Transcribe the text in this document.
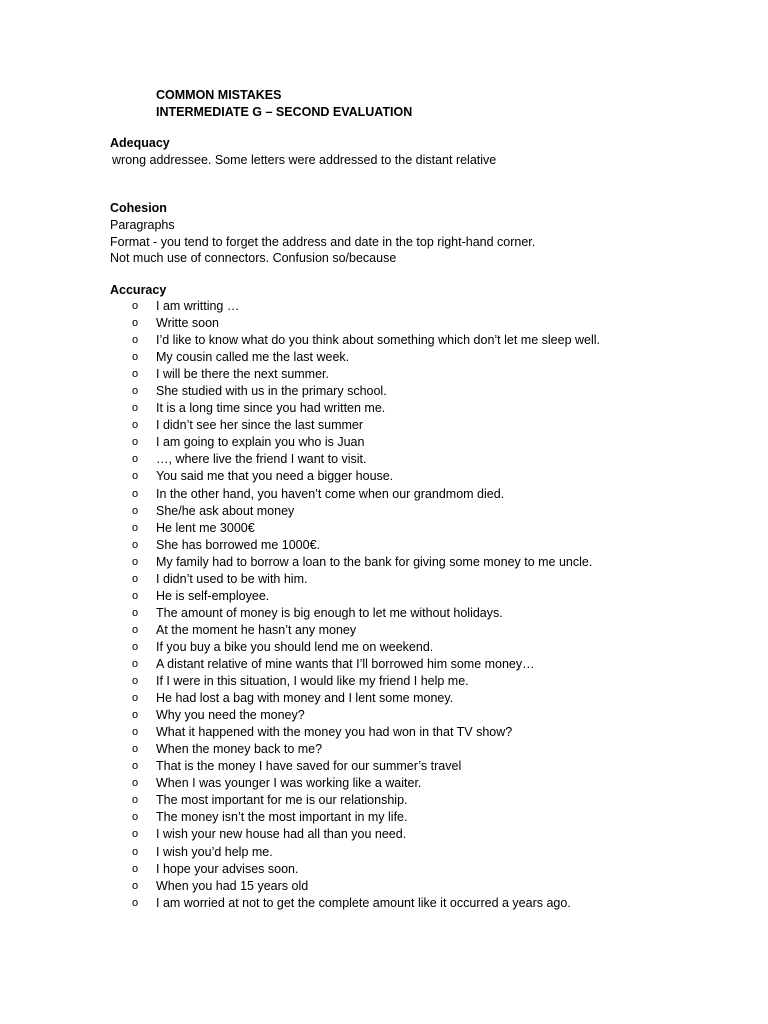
COMMON MISTAKES
INTERMEDIATE G – SECOND EVALUATION
Adequacy
wrong addressee. Some letters were addressed to the distant relative
Cohesion
Paragraphs
Format - you tend to forget the address and date in the top right-hand corner.
Not much use of connectors. Confusion so/because
Accuracy
o I am writting …
o Writte soon
o I’d like to know what do you think about something which don’t let me sleep well.
o My cousin called me the last week.
o I will be there the next summer.
o She studied with us in the primary school.
o It is a long time since you had written me.
o I didn’t see her since the last summer
o I am going to explain you who is Juan
o …, where live the friend I want to visit.
o You said me that you need a bigger house.
o In the other hand, you haven’t come when our grandmom died.
o She/he ask about money
o He lent me 3000€
o She has borrowed me 1000€.
o My family had to borrow a loan to the bank for giving some money to me uncle.
o I didn’t used to be with him.
o He is self-employee.
o The amount of money is big enough to let me without holidays.
o At the moment he hasn’t any money
o If you buy a bike you should lend me on weekend.
o A distant relative of mine wants that I’ll borrowed him some money…
o If I were in this situation, I would like my friend I help me.
o He had lost a bag with money and I lent some money.
o Why you need the money?
o What it happened with the money you had won in that TV show?
o When the money back to me?
o That is the money I have saved for our summer’s travel
o When I was younger I was working like a waiter.
o The most important for me is our relationship.
o The money isn’t the most important in my life.
o I wish your new house had all than you need.
o I wish you’d help me.
o I hope your advises soon.
o When you had 15 years old
o I am worried at not to get the complete amount like it occurred a years ago.
